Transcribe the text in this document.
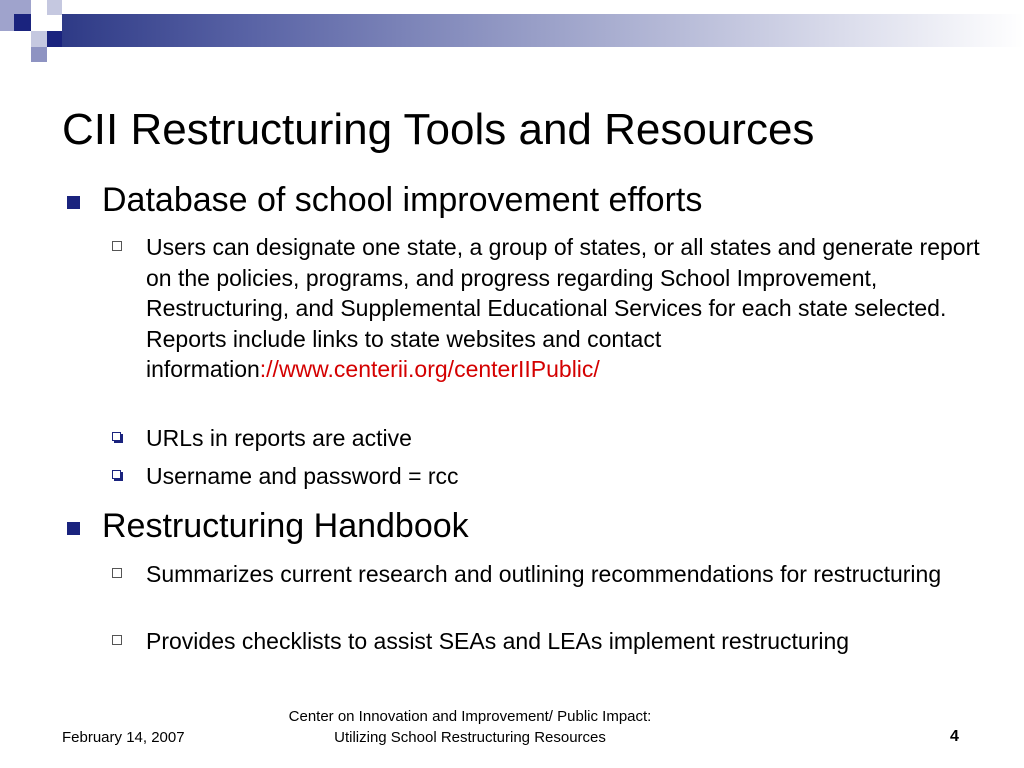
CII Restructuring Tools and Resources
Database of school improvement efforts
Users can designate one state, a group of states, or all states and generate report on the policies, programs, and progress regarding School Improvement, Restructuring, and Supplemental Educational Services for each state selected. Reports include links to state websites and contact information://www.centerii.org/centerIIPublic/
URLs in reports are active
Username and password = rcc
Restructuring Handbook
Summarizes current research and outlining recommendations for restructuring
Provides checklists to assist SEAs and LEAs implement restructuring
February 14, 2007
Center on Innovation and Improvement/ Public Impact:
Utilizing School Restructuring Resources	4
